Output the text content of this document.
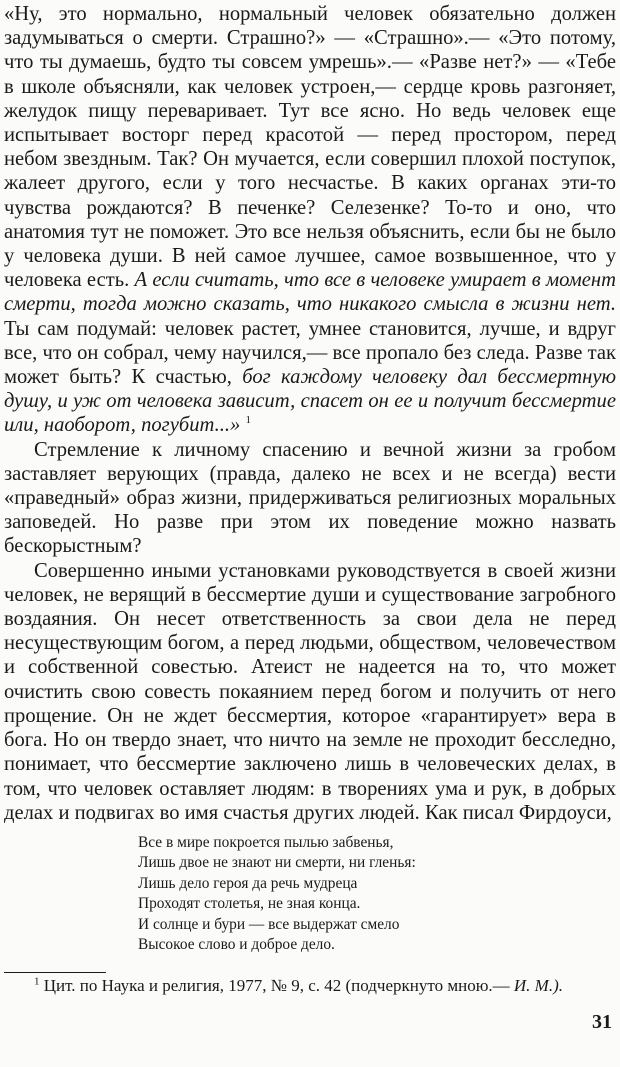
«Ну, это нормально, нормальный человек обязательно должен задумываться о смерти. Страшно?» — «Страшно».— «Это потому, что ты думаешь, будто ты совсем умрешь».— «Разве нет?» — «Тебе в школе объясняли, как человек устроен,— сердце кровь разгоняет, желудок пищу переваривает. Тут все ясно. Но ведь человек еще испытывает восторг перед красотой — перед простором, перед небом звездным. Так? Он мучается, если совершил плохой поступок, жалеет другого, если у того несчастье. В каких органах эти-то чувства рождаются? В печенке? Селезенке? То-то и оно, что анатомия тут не поможет. Это все нельзя объяснить, если бы не было у человека души. В ней самое лучшее, самое возвышенное, что у человека есть. А если считать, что все в человеке умирает в момент смерти, тогда можно сказать, что никакого смысла в жизни нет. Ты сам подумай: человек растет, умнее становится, лучше, и вдруг все, что он собрал, чему научился,— все пропало без следа. Разве так может быть? К счастью, бог каждому человеку дал бессмертную душу, и уж от человека зависит, спасет он ее и получит бессмертие или, наоборот, погубит...» $^1$

Стремление к личному спасению и вечной жизни за гробом заставляет верующих (правда, далеко не всех и не всегда) вести «праведный» образ жизни, придерживаться религиозных моральных заповедей. Но разве при этом их поведение можно назвать бескорыстным?

Совершенно иными установками руководствуется в своей жизни человек, не верящий в бессмертие души и существование загробного воздаяния. Он несет ответственность за свои дела не перед несуществующим богом, а перед людьми, обществом, человечеством и собственной совестью. Атеист не надеется на то, что может очистить свою совесть покаянием перед богом и получить от него прощение. Он не ждет бессмертия, которое «гарантирует» вера в бога. Но он твердо знает, что ничто на земле не проходит бесследно, понимает, что бессмертие заключено лишь в человеческих делах, в том, что человек оставляет людям: в творениях ума и рук, в добрых делах и подвигах во имя счастья других людей. Как писал Фирдоуси,

Все в мире покроется пылью забвенья,
Лишь двое не знают ни смерти, ни гленья:
Лишь дело героя да речь мудреца
Проходят столетья, не зная конца.
И солнце и бури — все выдержат смело
Высокое слово и доброе дело.

$^1$ Цит. по Наука и религия, 1977, № 9, с. 42 (подчеркнуто мною.— И. М.).

31
